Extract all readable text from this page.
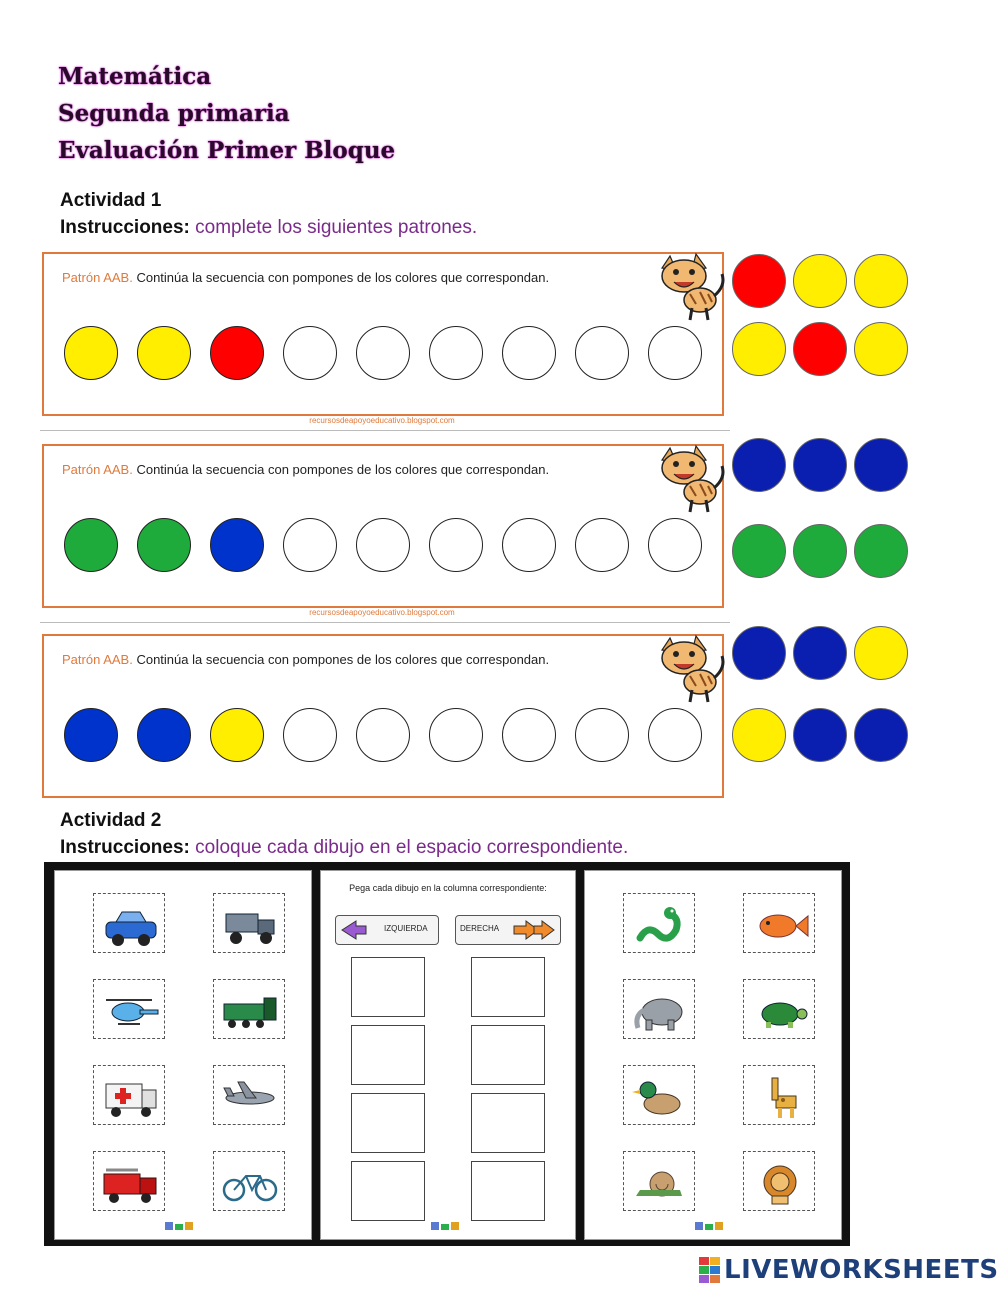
Matemática
Segunda primaria
Evaluación Primer Bloque
Actividad 1
Instrucciones: complete los siguientes patrones.
Patrón AAB. Continúa la secuencia con pompones de los colores que correspondan.
recursosdeapoyoeducativo.blogspot.com
Patrón AAB. Continúa la secuencia con pompones de los colores que correspondan.
recursosdeapoyoeducativo.blogspot.com
Patrón AAB. Continúa la secuencia con pompones de los colores que correspondan.
Actividad 2
Instrucciones: coloque cada dibujo en el espacio correspondiente.
Pega cada dibujo en la columna correspondiente:
IZQUIERDA	DERECHA
LIVEWORKSHEETS
